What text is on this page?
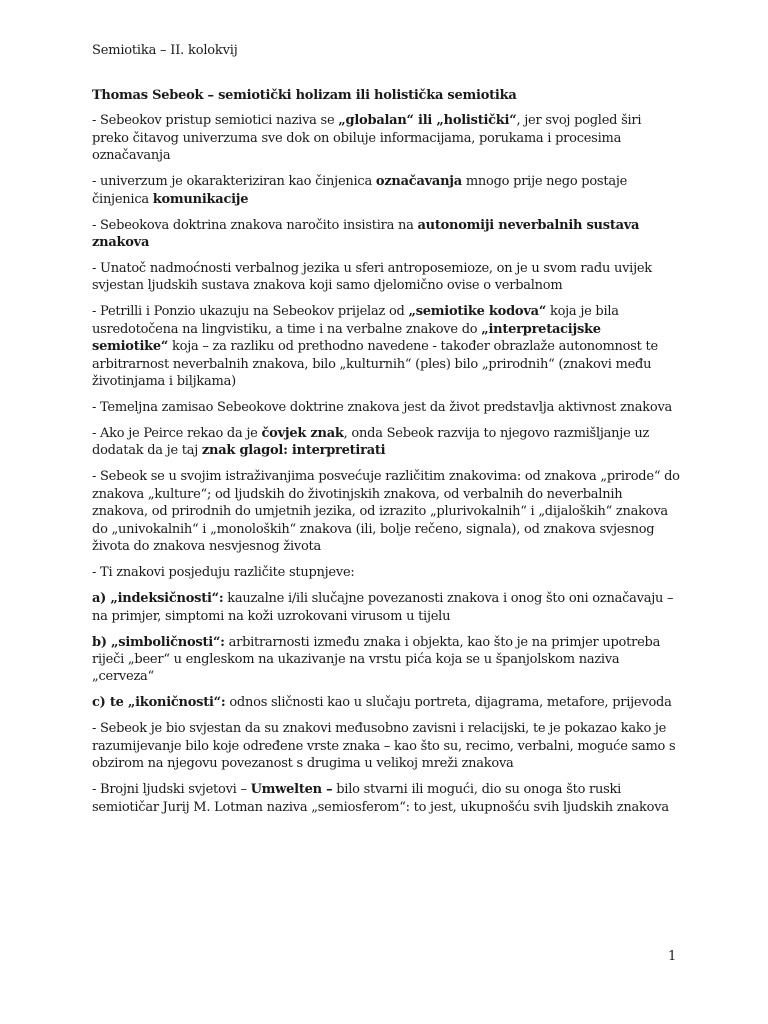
Semiotika – II. kolokvij
Thomas Sebeok – semiotički holizam ili holistička semiotika

- Sebeokov pristup semiotici naziva se „globalan“ ili „holistički“, jer svoj pogled širi preko čitavog univerzuma sve dok on obiluje informacijama, porukama i procesima označavanja

- univerzum je okarakteriziran kao činjenica označavanja mnogo prije nego postaje činjenica komunikacije

- Sebeokova doktrina znakova naročito insistira na autonomiji neverbalnih sustava znakova

- Unatoč nadmoćnosti verbalnog jezika u sferi antroposemioze, on je u svom radu uvijek svjestan ljudskih sustava znakova koji samo djelomično ovise o verbalnom

- Petrilli i Ponzio ukazuju na Sebeokov prijelaz od „semiotike kodova“ koja je bila usredotočena na lingvistiku, a time i na verbalne znakove do „interpretacijske semiotike“ koja – za razliku od prethodno navedene - također obrazlaže autonomnost te arbitrarnost neverbalnih znakova, bilo „kulturnih“ (ples) bilo „prirodnih“ (znakovi među životinjama i biljkama)

- Temeljna zamisao Sebeokove doktrine znakova jest da život predstavlja aktivnost znakova

- Ako je Peirce rekao da je čovjek znak, onda Sebeok razvija to njegovo razmišljanje uz dodatak da je taj znak glagol: interpretirati

- Sebeok se u svojim istraživanjima posvećuje različitim znakovima: od znakova „prirode“ do znakova „kulture“; od ljudskih do životinjskih znakova, od verbalnih do neverbalnih znakova, od prirodnih do umjetnih jezika, od izrazito „plurivokalnih“ i „dijaloških“ znakova do „univokalnih“ i „monoloških“ znakova (ili, bolje rečeno, signala), od znakova svjesnog života do znakova nesvjesnog života

- Ti znakovi posjeduju različite stupnjeve:

a) „indeksičnosti“: kauzalne i/ili slučajne povezanosti znakova i onog što oni označavaju – na primjer, simptomi na koži uzrokovani virusom u tijelu

b) „simboličnosti“: arbitrarnosti između znaka i objekta, kao što je na primjer upotreba riječi „beer“ u engleskom na ukazivanje na vrstu pića koja se u španjolskom naziva „cerveza“

c) te „ikoničnosti“: odnos sličnosti kao u slučaju portreta, dijagrama, metafore, prijevoda

- Sebeok je bio svjestan da su znakovi međusobno zavisni i relacijski, te je pokazao kako je razumijevanje bilo koje određene vrste znaka – kao što su, recimo, verbalni, moguće samo s obzirom na njegovu povezanost s drugima u velikoj mreži znakova

- Brojni ljudski svjetovi – Umwelten – bilo stvarni ili mogući, dio su onoga što ruski semiotičar Jurij M. Lotman naziva „semiosferom“: to jest, ukupnošću svih ljudskih znakova

1
